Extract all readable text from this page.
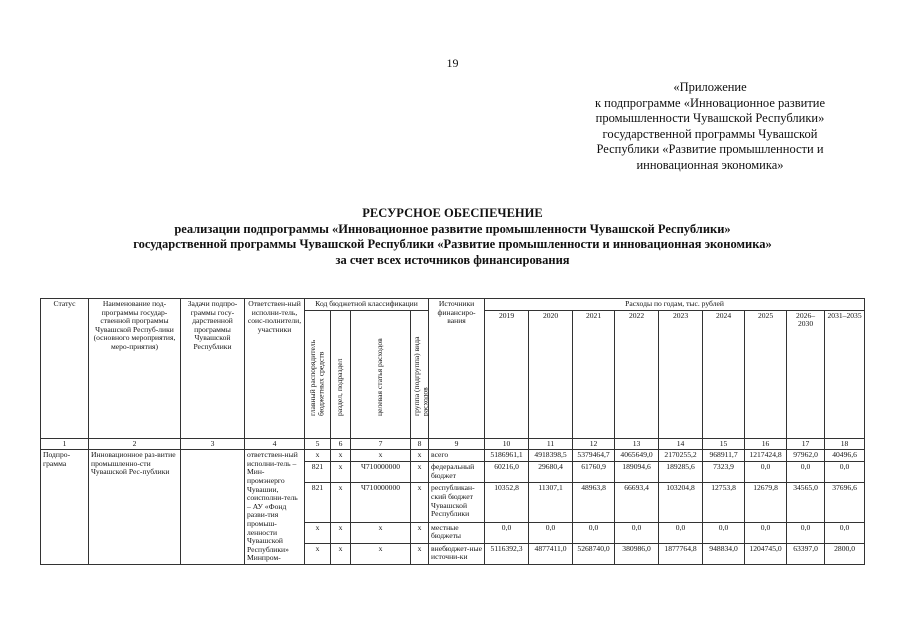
19
«Приложение
к подпрограмме «Инновационное развитие
промышленности Чувашской Республики»
государственной программы Чувашской
Республики «Развитие промышленности и
инновационная экономика»
РЕСУРСНОЕ ОБЕСПЕЧЕНИЕ
реализации подпрограммы «Инновационное развитие промышленности Чувашской Республики»
государственной программы Чувашской Республики «Развитие промышленности и инновационная экономика»
за счет всех источников финансирования
Статус	Наименование под-программы государ-ственной программы Чувашской Респуб-лики (основного мероприятия, меро-приятия)	Задачи подпро-граммы госу-дарственной программы Чувашской Республики	Ответствен-ный исполни-тель, соис-полнители, участники	Код бюджетной классификации				Источники финансиро-вания	Расходы по годам, тыс. рублей								

				главный распорядитель бюджетных средств	раздел, подраздел	целевая статья расходов	группа (подгруппа) вида расходов		2019	2020	2021	2022	2023	2024	2025	2026–2030	2031–2035
1	2	3	4	5	6	7	8	9	10	11	12	13	14	15	16	17	18
Подпро-грамма	Инновационное раз-витие промышленно-сти Чувашской Рес-публики		ответствен-ный исполни-тель – Мин-промэнерго Чувашии, соисполни-тель – АУ «Фонд разви-тия промыш-ленности Чувашской Республики» Минпром-	x	x	x	x	всего	5186961,1	4918398,5	5379464,7	4065649,0	2170255,2	968911,7	1217424,8	97962,0	40496,6
				821	x	Ч710000000	x	федеральный бюджет	60216,0	29680,4	61760,9	189094,6	189285,6	7323,9	0,0	0,0	0,0
				821	x	Ч710000000	x	республикан-ский бюджет Чувашской Республики	10352,8	11307,1	48963,8	66693,4	103204,8	12753,8	12679,8	34565,0	37696,6
				x	x	x	x	местные бюджеты	0,0	0,0	0,0	0,0	0,0	0,0	0,0	0,0	0,0
				x	x	x	x	внебюджет-ные источни-ки	5116392,3	4877411,0	5268740,0	380986,0	1877764,8	948834,0	1204745,0	63397,0	2800,0
